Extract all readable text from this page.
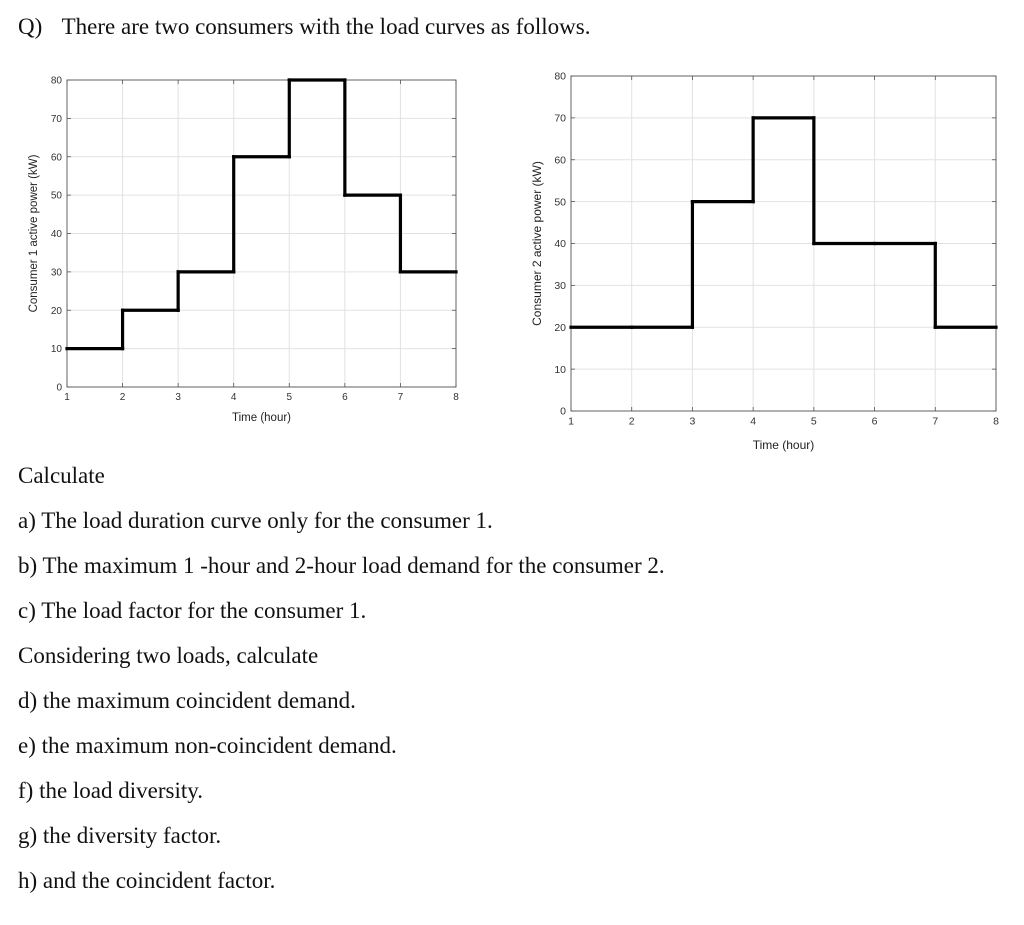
Q) There are two consumers with the load curves as follows.
1	2	3	4	5	6	7	8
0
10
20
30
40
50
60
70
80
Time (hour)
Consumer 1 active power (kW)
1	2	3	4	5	6	7	8
0
10
20
30
40
50
60
70
80
Time (hour)
Consumer 2 active power (kW)
Calculate
a) The load duration curve only for the consumer 1.
b) The maximum 1 -hour and 2-hour load demand for the consumer 2.
c) The load factor for the consumer 1.
Considering two loads, calculate
d) the maximum coincident demand.
e) the maximum non-coincident demand.
f) the load diversity.
g) the diversity factor.
h) and the coincident factor.
